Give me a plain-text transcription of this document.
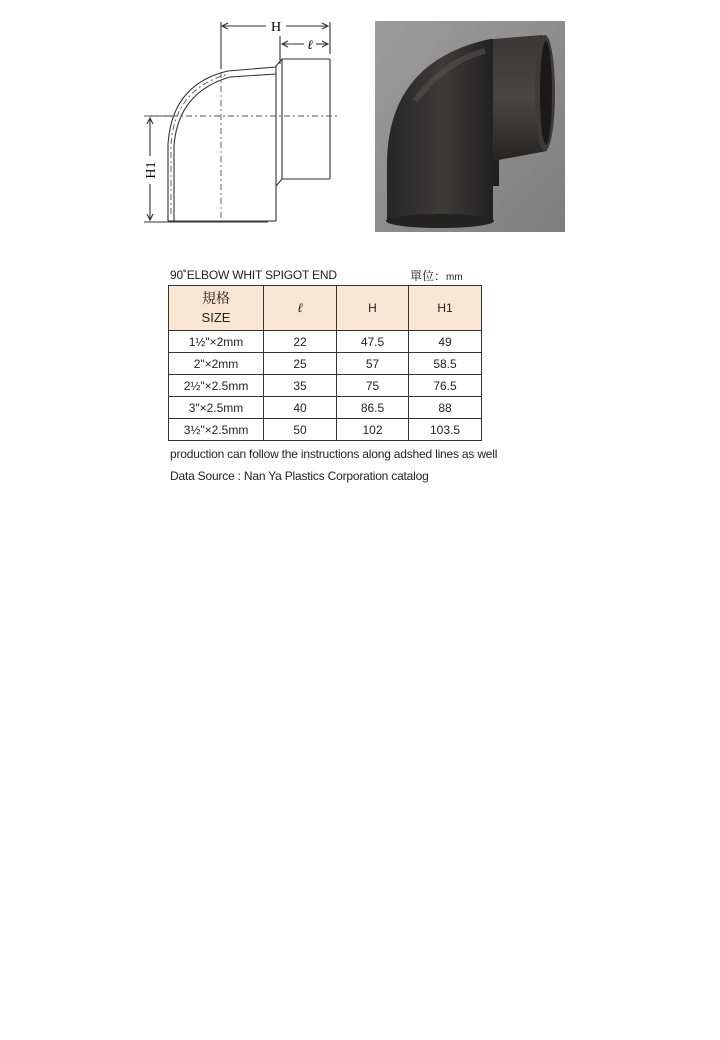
H
ℓ
H1
90˚ELBOW WHIT SPIGOT END	單位：mm
規格
SIZE	ℓ	H	H1
1½"×2mm	22	47.5	49
2"×2mm	25	57	58.5
2½"×2.5mm	35	75	76.5
3"×2.5mm	40	86.5	88
3½"×2.5mm	50	102	103.5
production can follow the instructions along adshed lines as well
Data Source : Nan Ya Plastics Corporation catalog
